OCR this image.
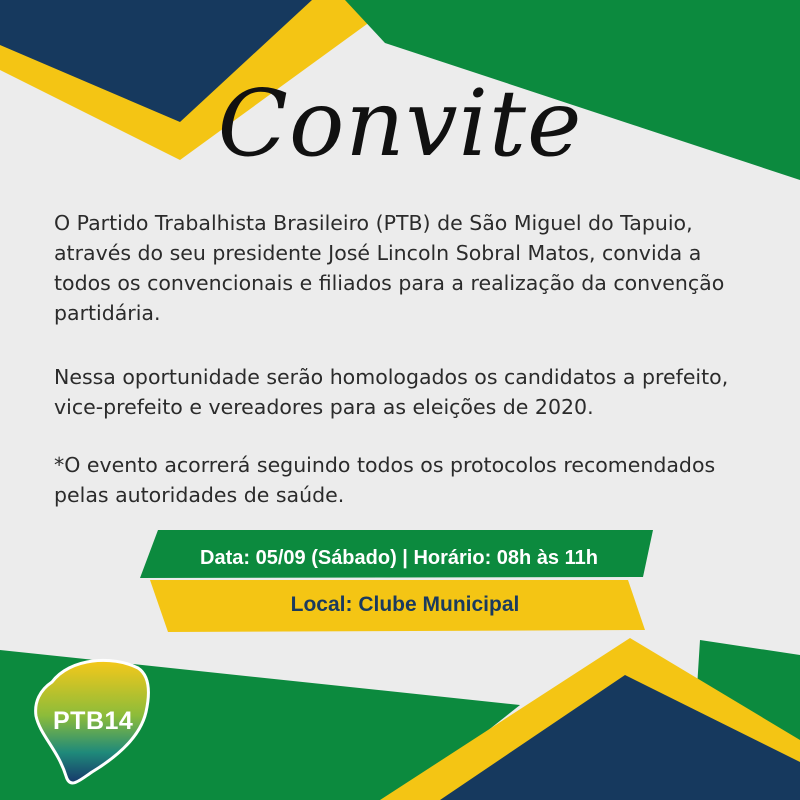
Convite

O Partido Trabalhista Brasileiro (PTB) de São Miguel do Tapuio, através do seu presidente José Lincoln Sobral Matos, convida a todos os convencionais e filiados para a realização da convenção partidária.

Nessa oportunidade serão homologados os candidatos a prefeito, vice-prefeito e vereadores para as eleições de 2020.

*O evento acorrerá seguindo todos os protocolos recomendados pelas autoridades de saúde.

Data: 05/09 (Sábado) | Horário: 08h às 11h
Local: Clube Municipal
PTB14
